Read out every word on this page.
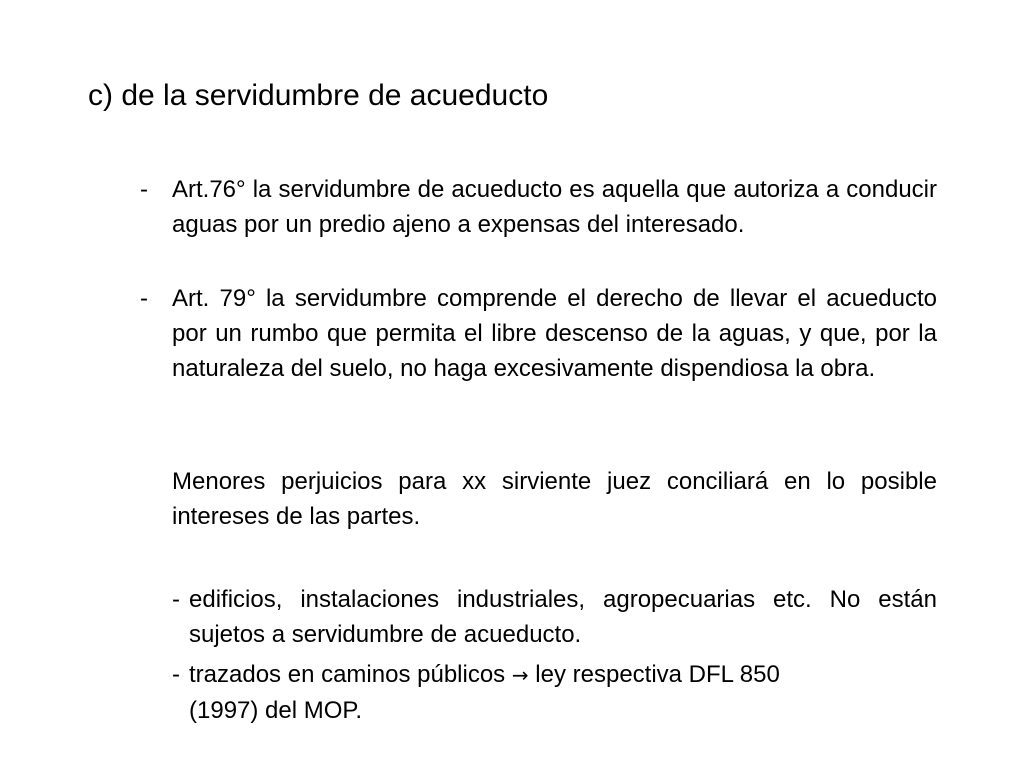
c) de la servidumbre de acueducto
- Art.76° la servidumbre de acueducto es aquella que autoriza a conducir aguas por un predio ajeno a expensas del interesado.
- Art. 79° la servidumbre comprende el derecho de llevar el acueducto por un rumbo que permita el libre descenso de la aguas, y que, por la naturaleza del suelo, no haga excesivamente dispendiosa la obra.
Menores perjuicios para xx sirviente juez conciliará en lo posible intereses de las partes.
- edificios, instalaciones industriales, agropecuarias etc. No están sujetos a servidumbre de acueducto.
- trazados en caminos públicos → ley respectiva DFL 850
(1997) del MOP.
